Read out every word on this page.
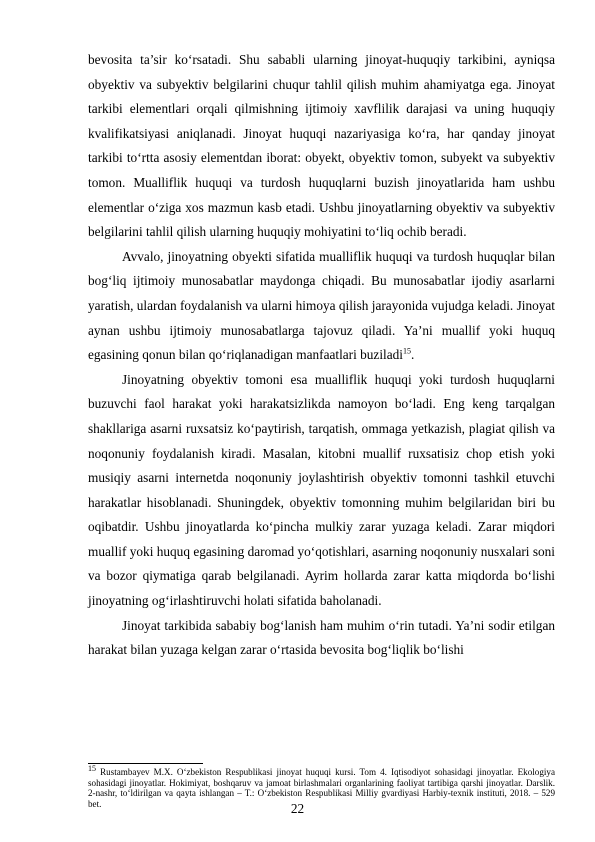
bevosita ta’sir ko‘rsatadi. Shu sababli ularning jinoyat-huquqiy tarkibini, ayniqsa obyektiv va subyektiv belgilarini chuqur tahlil qilish muhim ahamiyatga ega. Jinoyat tarkibi elementlari orqali qilmishning ijtimoiy xavflilik darajasi va uning huquqiy kvalifikatsiyasi aniqlanadi. Jinoyat huquqi nazariyasiga ko‘ra, har qanday jinoyat tarkibi to‘rtta asosiy elementdan iborat: obyekt, obyektiv tomon, subyekt va subyektiv tomon. Mualliflik huquqi va turdosh huquqlarni buzish jinoyatlarida ham ushbu elementlar o‘ziga xos mazmun kasb etadi. Ushbu jinoyatlarning obyektiv va subyektiv belgilarini tahlil qilish ularning huquqiy mohiyatini to‘liq ochib beradi.

Avvalo, jinoyatning obyekti sifatida mualliflik huquqi va turdosh huquqlar bilan bog‘liq ijtimoiy munosabatlar maydonga chiqadi. Bu munosabatlar ijodiy asarlarni yaratish, ulardan foydalanish va ularni himoya qilish jarayonida vujudga keladi. Jinoyat aynan ushbu ijtimoiy munosabatlarga tajovuz qiladi. Ya’ni muallif yoki huquq egasining qonun bilan qo‘riqlanadigan manfaatlari buziladi$^{15}$.

Jinoyatning obyektiv tomoni esa mualliflik huquqi yoki turdosh huquqlarni buzuvchi faol harakat yoki harakatsizlikda namoyon bo‘ladi. Eng keng tarqalgan shakllariga asarni ruxsatsiz ko‘paytirish, tarqatish, ommaga yetkazish, plagiat qilish va noqonuniy foydalanish kiradi. Masalan, kitobni muallif ruxsatisiz chop etish yoki musiqiy asarni internetda noqonuniy joylashtirish obyektiv tomonni tashkil etuvchi harakatlar hisoblanadi. Shuningdek, obyektiv tomonning muhim belgilaridan biri bu oqibatdir. Ushbu jinoyatlarda ko‘pincha mulkiy zarar yuzaga keladi. Zarar miqdori muallif yoki huquq egasining daromad yo‘qotishlari, asarning noqonuniy nusxalari soni va bozor qiymatiga qarab belgilanadi. Ayrim hollarda zarar katta miqdorda bo‘lishi jinoyatning og‘irlashtiruvchi holati sifatida baholanadi.

Jinoyat tarkibida sababiy bog‘lanish ham muhim o‘rin tutadi. Ya’ni sodir etilgan harakat bilan yuzaga kelgan zarar o‘rtasida bevosita bog‘liqlik bo‘lishi

$^{15}$ Rustambayev M.X. O‘zbekiston Respublikasi jinoyat huquqi kursi. Tom 4. Iqtisodiyot sohasidagi jinoyatlar. Ekologiya sohasidagi jinoyatlar. Hokimiyat, boshqaruv va jamoat birlashmalari organlarining faoliyat tartibiga qarshi jinoyatlar. Darslik. 2-nashr, to‘ldirilgan va qayta ishlangan – T.: O‘zbekiston Respublikasi Milliy gvardiyasi Harbiy-texnik instituti, 2018. – 529 bet.	22
